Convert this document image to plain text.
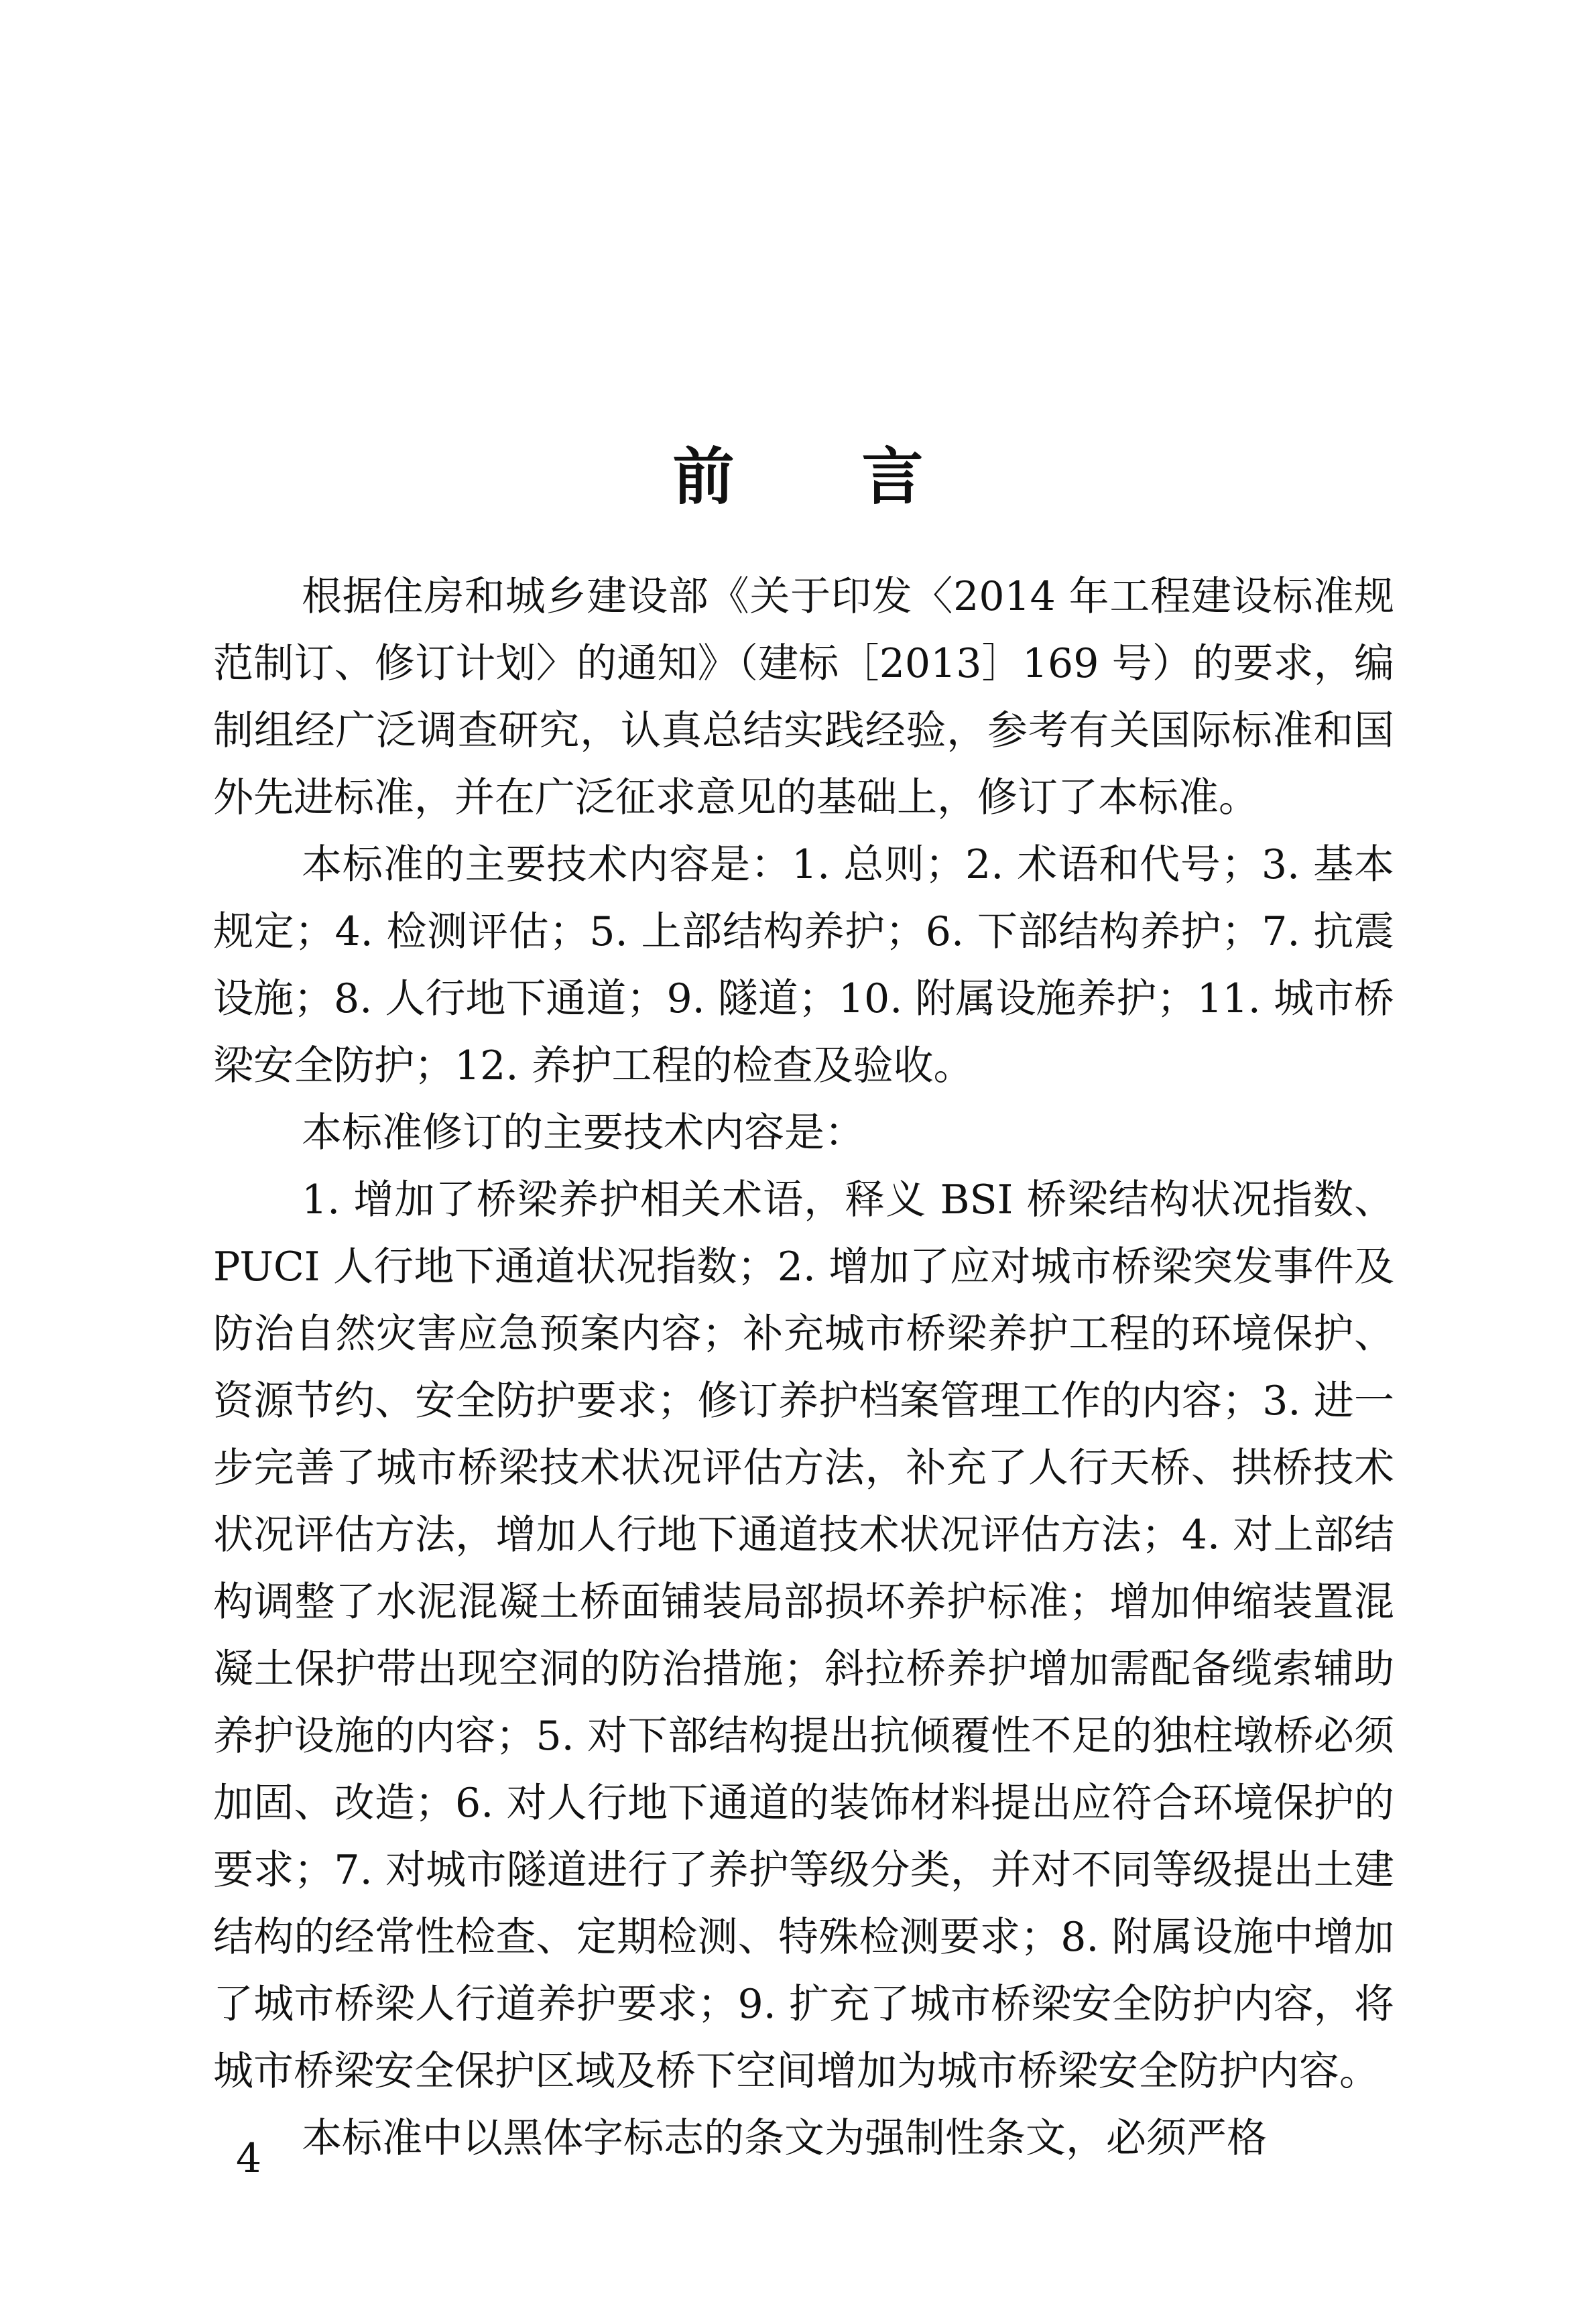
前言

根据住房和城乡建设部《关于印发〈2014 年工程建设标准规范制订、修订计划〉的通知》（建标［2013］169 号）的要求，编制组经广泛调查研究，认真总结实践经验，参考有关国际标准和国外先进标准，并在广泛征求意见的基础上，修订了本标准。

本标准的主要技术内容是：1. 总则；2. 术语和代号；3. 基本规定；4. 检测评估；5. 上部结构养护；6. 下部结构养护；7. 抗震设施；8. 人行地下通道；9. 隧道；10. 附属设施养护；11. 城市桥梁安全防护；12. 养护工程的检查及验收。

本标准修订的主要技术内容是：

1. 增加了桥梁养护相关术语，释义 BSI 桥梁结构状况指数、PUCI 人行地下通道状况指数；2. 增加了应对城市桥梁突发事件及防治自然灾害应急预案内容；补充城市桥梁养护工程的环境保护、资源节约、安全防护要求；修订养护档案管理工作的内容；3. 进一步完善了城市桥梁技术状况评估方法，补充了人行天桥、拱桥技术状况评估方法，增加人行地下通道技术状况评估方法；4. 对上部结构调整了水泥混凝土桥面铺装局部损坏养护标准；增加伸缩装置混凝土保护带出现空洞的防治措施；斜拉桥养护增加需配备缆索辅助养护设施的内容；5. 对下部结构提出抗倾覆性不足的独柱墩桥必须加固、改造；6. 对人行地下通道的装饰材料提出应符合环境保护的要求；7. 对城市隧道进行了养护等级分类，并对不同等级提出土建结构的经常性检查、定期检测、特殊检测要求；8. 附属设施中增加了城市桥梁人行道养护要求；9. 扩充了城市桥梁安全防护内容，将城市桥梁安全保护区域及桥下空间增加为城市桥梁安全防护内容。

本标准中以黑体字标志的条文为强制性条文，必须严格

4
